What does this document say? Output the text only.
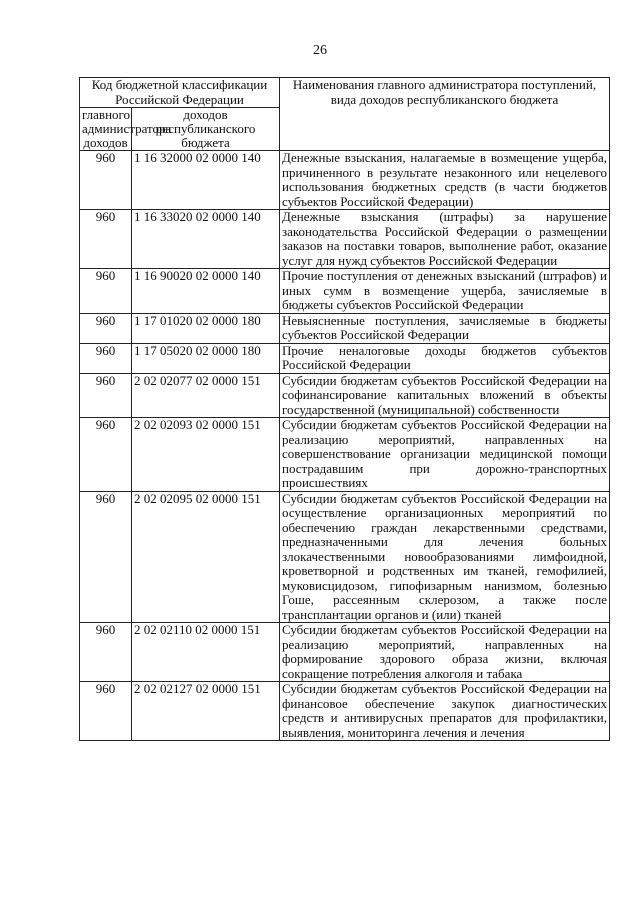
26
Код бюджетной классификации Российской Федерации		Наименования главного администратора поступлений, вида доходов республиканского бюджета
главного администратора доходов	доходов республиканского бюджета	
960	1 16 32000 02 0000 140	Денежные взыскания, налагаемые в возмещение ущерба, причиненного в результате незаконного или нецелевого использования бюджетных средств (в части бюджетов субъектов Российской Федерации)
960	1 16 33020 02 0000 140	Денежные взыскания (штрафы) за нарушение законодательства Российской Федерации о размещении заказов на поставки товаров, выполнение работ, оказание услуг для нужд субъектов Российской Федерации
960	1 16 90020 02 0000 140	Прочие поступления от денежных взысканий (штрафов) и иных сумм в возмещение ущерба, зачисляемые в бюджеты субъектов Российской Федерации
960	1 17 01020 02 0000 180	Невыясненные поступления, зачисляемые в бюджеты субъектов Российской Федерации
960	1 17 05020 02 0000 180	Прочие неналоговые доходы бюджетов субъектов Российской Федерации
960	2 02 02077 02 0000 151	Субсидии бюджетам субъектов Российской Федерации на софинансирование капитальных вложений в объекты государственной (муниципальной) собственности
960	2 02 02093 02 0000 151	Субсидии бюджетам субъектов Российской Федерации на реализацию мероприятий, направленных на совершенствование организации медицинской помощи пострадавшим при дорожно-транспортных происшествиях
960	2 02 02095 02 0000 151	Субсидии бюджетам субъектов Российской Федерации на осуществление организационных мероприятий по обеспечению граждан лекарственными средствами, предназначенными для лечения больных злокачественными новообразованиями лимфоидной, кроветворной и родственных им тканей, гемофилией, муковисцидозом, гипофизарным нанизмом, болезнью Гоше, рассеянным склерозом, а также после трансплантации органов и (или) тканей
960	2 02 02110 02 0000 151	Субсидии бюджетам субъектов Российской Федерации на реализацию мероприятий, направленных на формирование здорового образа жизни, включая сокращение потребления алкоголя и табака
960	2 02 02127 02 0000 151	Субсидии бюджетам субъектов Российской Федерации на финансовое обеспечение закупок диагностических средств и антивирусных препаратов для профилактики, выявления, мониторинга лечения и лечения
